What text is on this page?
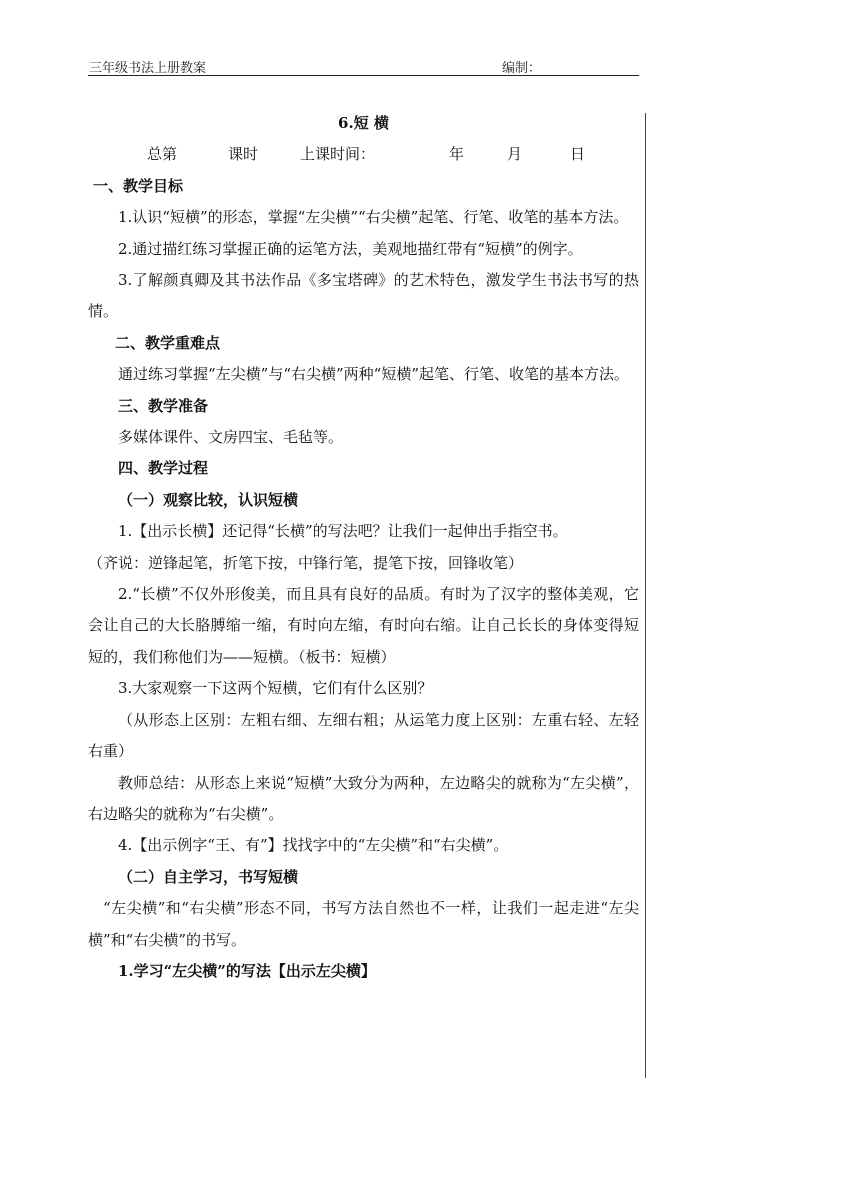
三年级书法上册教案	编制：

6.短 横

总第	课时	上课时间：	年	月	日

一、教学目标

1.认识“短横”的形态，掌握“左尖横”“右尖横”起笔、行笔、收笔的基本方法。

2.通过描红练习掌握正确的运笔方法，美观地描红带有“短横”的例字。

3.了解颜真卿及其书法作品《多宝塔碑》的艺术特色，激发学生书法书写的热情。

二、教学重难点

通过练习掌握“左尖横”与“右尖横”两种“短横”起笔、行笔、收笔的基本方法。

三、教学准备

多媒体课件、文房四宝、毛毡等。

四、教学过程

（一）观察比较，认识短横

1.【出示长横】还记得“长横”的写法吧？让我们一起伸出手指空书。

（齐说：逆锋起笔，折笔下按，中锋行笔，提笔下按，回锋收笔）

2.“长横”不仅外形俊美，而且具有良好的品质。有时为了汉字的整体美观，它会让自己的大长胳膊缩一缩，有时向左缩，有时向右缩。让自己长长的身体变得短短的，我们称他们为——短横。（板书：短横）

3.大家观察一下这两个短横，它们有什么区别？

（从形态上区别：左粗右细、左细右粗；从运笔力度上区别：左重右轻、左轻右重）

教师总结：从形态上来说“短横”大致分为两种，左边略尖的就称为“左尖横”，右边略尖的就称为“右尖横”。

4.【出示例字“王、有”】找找字中的“左尖横”和“右尖横”。

（二）自主学习，书写短横

“左尖横”和“右尖横”形态不同，书写方法自然也不一样，让我们一起走进“左尖横”和“右尖横”的书写。

1.学习“左尖横”的写法【出示左尖横】
